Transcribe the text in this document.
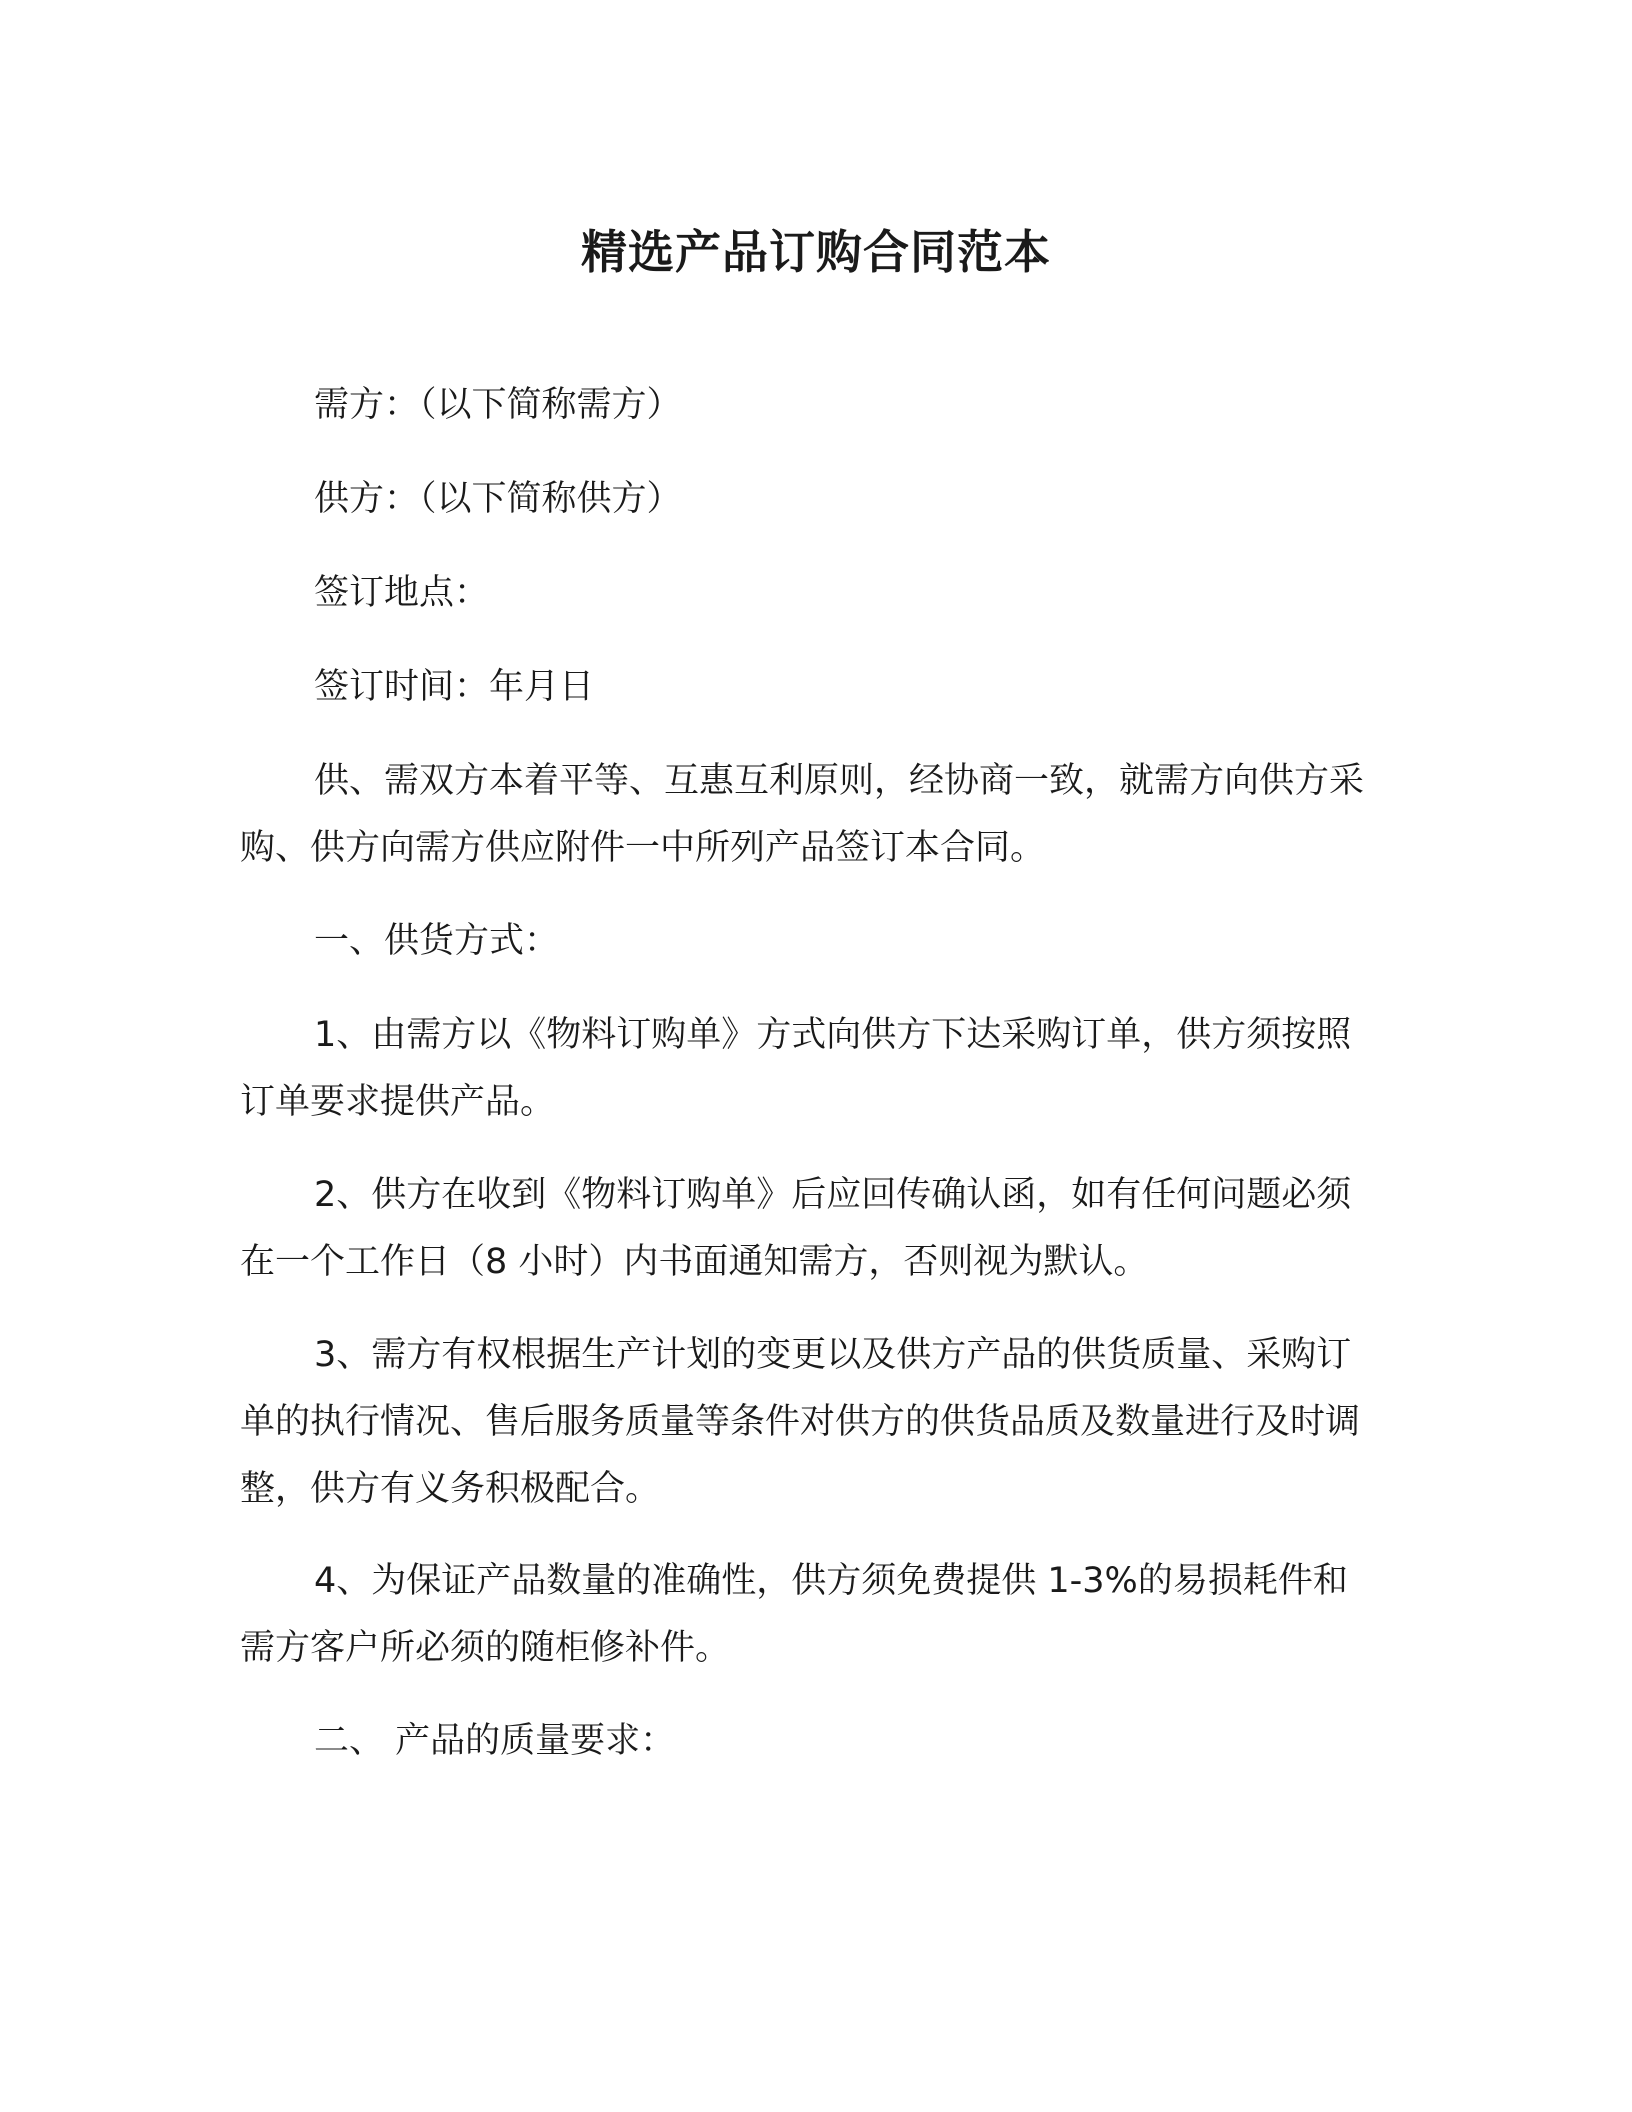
精选产品订购合同范本

需方：（以下简称需方）

供方：（以下简称供方）

签订地点：

签订时间：年月日

供、需双方本着平等、互惠互利原则，经协商一致，就需方向供方采购、供方向需方供应附件一中所列产品签订本合同。

一、供货方式：

1、由需方以《物料订购单》方式向供方下达采购订单，供方须按照订单要求提供产品。

2、供方在收到《物料订购单》后应回传确认函，如有任何问题必须在一个工作日（8 小时）内书面通知需方，否则视为默认。

3、需方有权根据生产计划的变更以及供方产品的供货质量、采购订单的执行情况、售后服务质量等条件对供方的供货品质及数量进行及时调整，供方有义务积极配合。

4、为保证产品数量的准确性，供方须免费提供 1-3%的易损耗件和需方客户所必须的随柜修补件。

二、 产品的质量要求：
